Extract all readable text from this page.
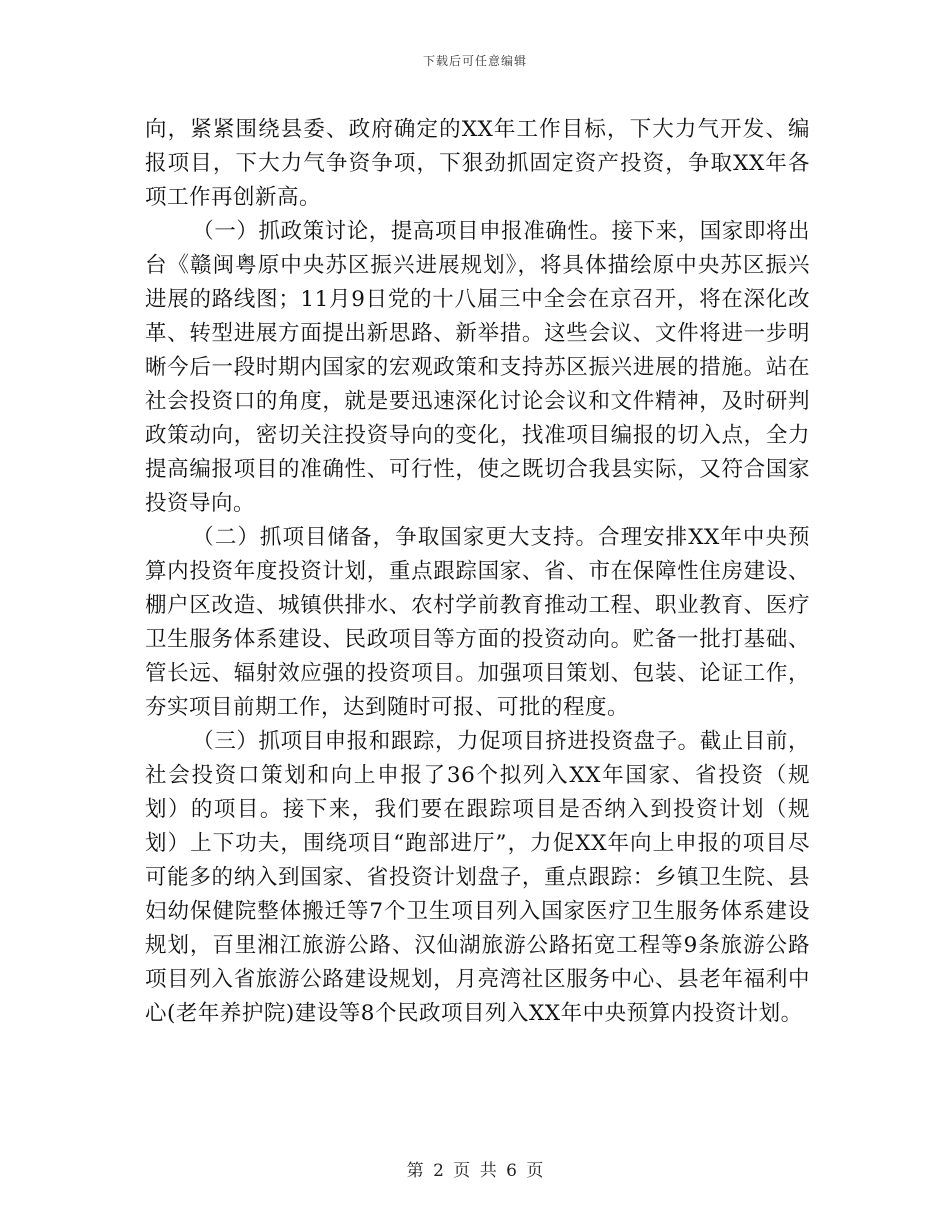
下载后可任意编辑

向，紧紧围绕县委、政府确定的XX年工作目标，下大力气开发、编报项目，下大力气争资争项，下狠劲抓固定资产投资，争取XX年各项工作再创新高。

（一）抓政策讨论，提高项目申报准确性。接下来，国家即将出台《赣闽粤原中央苏区振兴进展规划》，将具体描绘原中央苏区振兴进展的路线图；11月9日党的十八届三中全会在京召开，将在深化改革、转型进展方面提出新思路、新举措。这些会议、文件将进一步明晰今后一段时期内国家的宏观政策和支持苏区振兴进展的措施。站在社会投资口的角度，就是要迅速深化讨论会议和文件精神，及时研判政策动向，密切关注投资导向的变化，找准项目编报的切入点，全力提高编报项目的准确性、可行性，使之既切合我县实际，又符合国家投资导向。

（二）抓项目储备，争取国家更大支持。合理安排XX年中央预算内投资年度投资计划，重点跟踪国家、省、市在保障性住房建设、棚户区改造、城镇供排水、农村学前教育推动工程、职业教育、医疗卫生服务体系建设、民政项目等方面的投资动向。贮备一批打基础、管长远、辐射效应强的投资项目。加强项目策划、包装、论证工作，夯实项目前期工作，达到随时可报、可批的程度。

（三）抓项目申报和跟踪，力促项目挤进投资盘子。截止目前，社会投资口策划和向上申报了36个拟列入XX年国家、省投资（规划）的项目。接下来，我们要在跟踪项目是否纳入到投资计划（规划）上下功夫，围绕项目“跑部进厅”，力促XX年向上申报的项目尽可能多的纳入到国家、省投资计划盘子，重点跟踪：乡镇卫生院、县妇幼保健院整体搬迁等7个卫生项目列入国家医疗卫生服务体系建设规划，百里湘江旅游公路、汉仙湖旅游公路拓宽工程等9条旅游公路项目列入省旅游公路建设规划，月亮湾社区服务中心、县老年福利中心(老年养护院)建设等8个民政项目列入XX年中央预算内投资计划。

第 2 页 共 6 页
